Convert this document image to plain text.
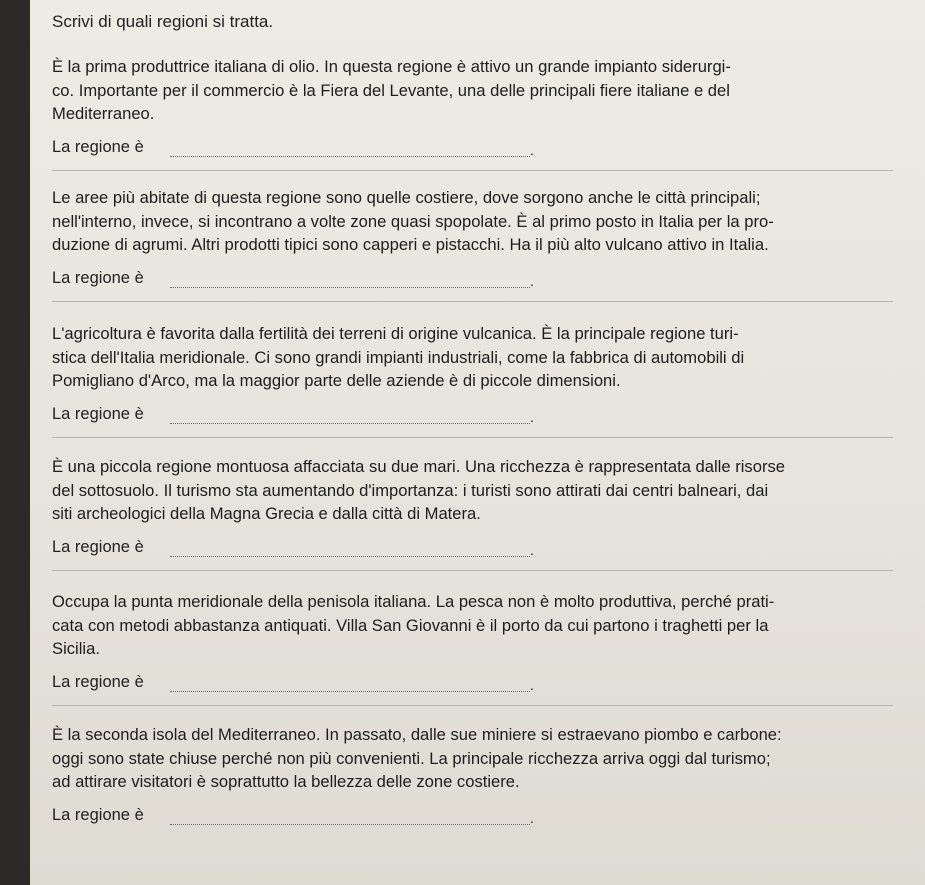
Scrivi di quali regioni si tratta.

È la prima produttrice italiana di olio. In questa regione è attivo un grande impianto siderurgi-
co. Importante per il commercio è la Fiera del Levante, una delle principali fiere italiane e del
Mediterraneo.

La regione è	.

Le aree più abitate di questa regione sono quelle costiere, dove sorgono anche le città principali;
nell'interno, invece, si incontrano a volte zone quasi spopolate. È al primo posto in Italia per la pro-
duzione di agrumi. Altri prodotti tipici sono capperi e pistacchi. Ha il più alto vulcano attivo in Italia.

La regione è	.

L'agricoltura è favorita dalla fertilità dei terreni di origine vulcanica. È la principale regione turi-
stica dell'Italia meridionale. Ci sono grandi impianti industriali, come la fabbrica di automobili di
Pomigliano d'Arco, ma la maggior parte delle aziende è di piccole dimensioni.

La regione è	.

È una piccola regione montuosa affacciata su due mari. Una ricchezza è rappresentata dalle risorse
del sottosuolo. Il turismo sta aumentando d'importanza: i turisti sono attirati dai centri balneari, dai
siti archeologici della Magna Grecia e dalla città di Matera.

La regione è	.

Occupa la punta meridionale della penisola italiana. La pesca non è molto produttiva, perché prati-
cata con metodi abbastanza antiquati. Villa San Giovanni è il porto da cui partono i traghetti per la
Sicilia.

La regione è	.

È la seconda isola del Mediterraneo. In passato, dalle sue miniere si estraevano piombo e carbone:
oggi sono state chiuse perché non più convenienti. La principale ricchezza arriva oggi dal turismo;
ad attirare visitatori è soprattutto la bellezza delle zone costiere.

La regione è	.
